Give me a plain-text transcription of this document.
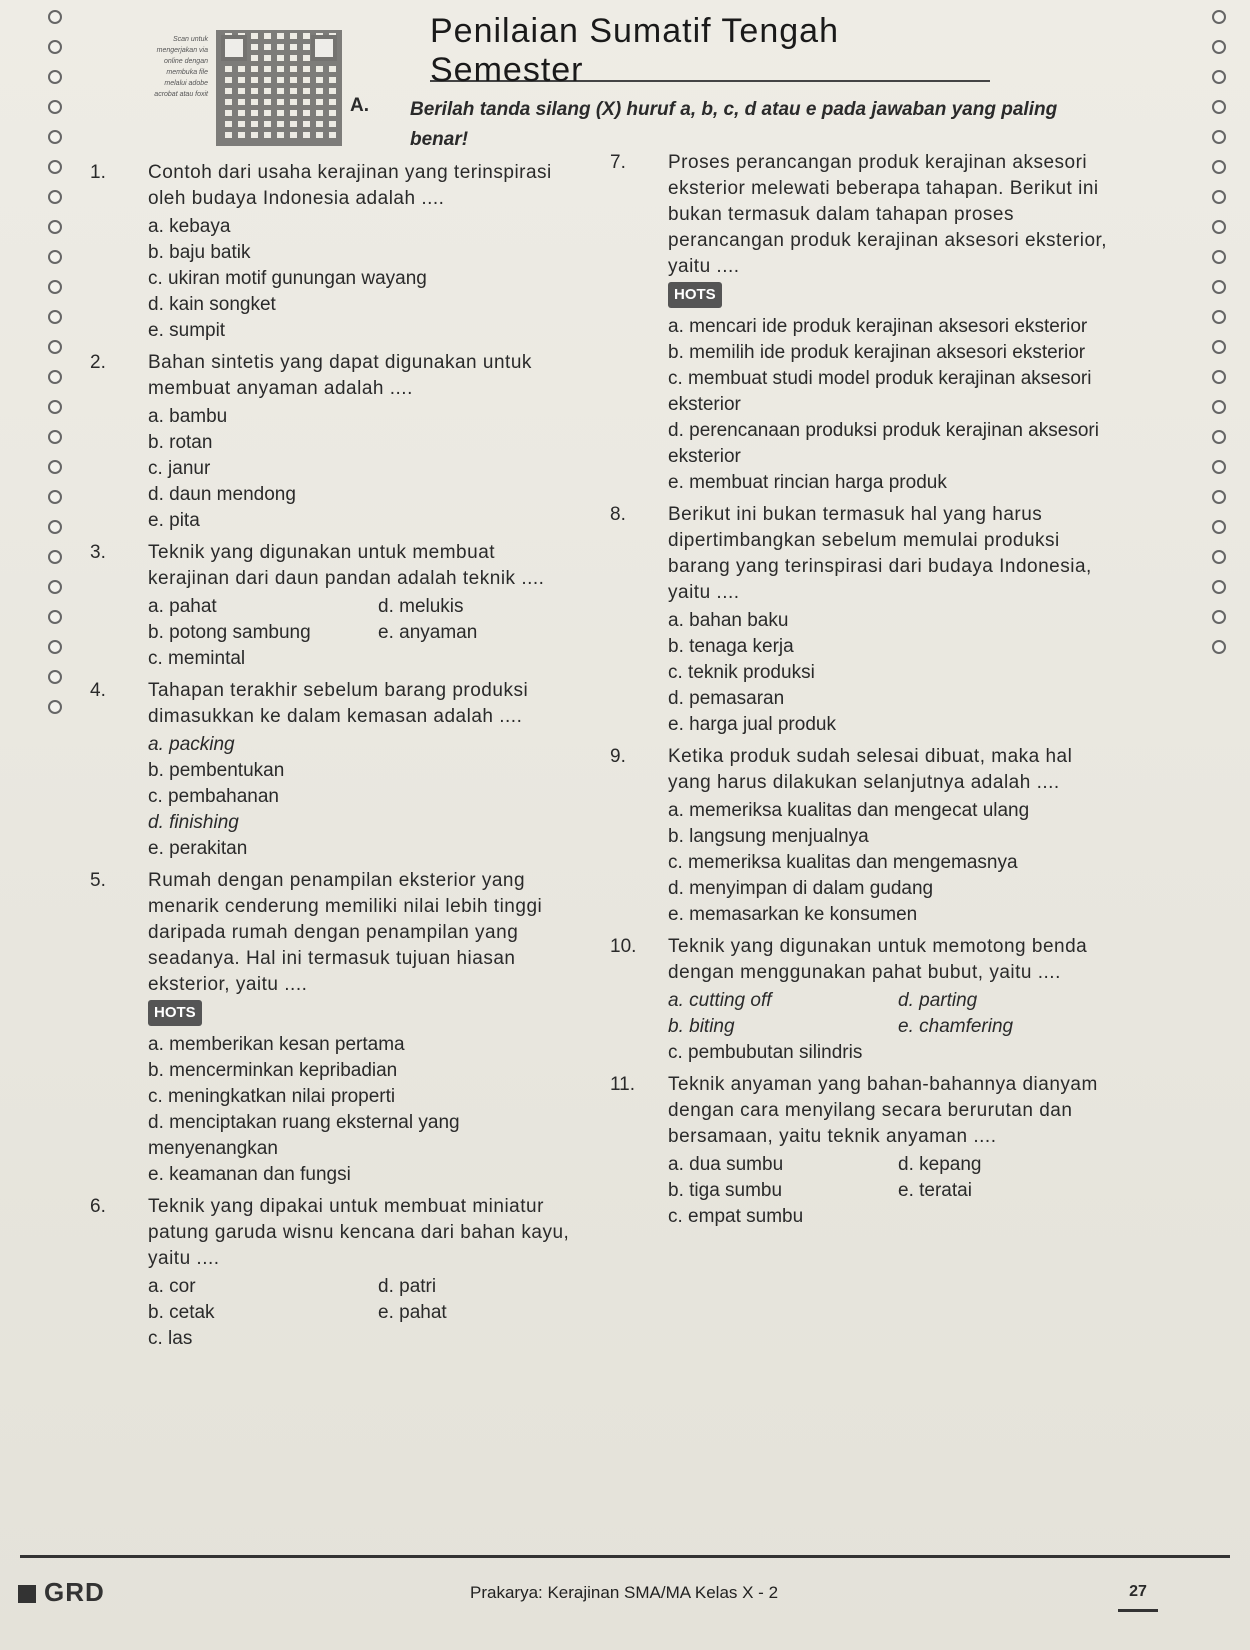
Scan untuk
mengerjakan via
online dengan
membuka file
melalui adobe
acrobat atau foxit
Penilaian Sumatif Tengah Semester
A. Berilah tanda silang (X) huruf a, b, c, d atau e pada jawaban yang paling benar!
1. Contoh dari usaha kerajinan yang terinspirasi oleh budaya Indonesia adalah ....
a. kebaya
b. baju batik
c. ukiran motif gunungan wayang
d. kain songket
e. sumpit
2. Bahan sintetis yang dapat digunakan untuk membuat anyaman adalah ....
a. bambu
b. rotan
c. janur
d. daun mendong
e. pita
3. Teknik yang digunakan untuk membuat kerajinan dari daun pandan adalah teknik ....
a. pahat	d. melukis
b. potong sambung	e. anyaman
c. memintal
4. Tahapan terakhir sebelum barang produksi dimasukkan ke dalam kemasan adalah ....
a. packing
b. pembentukan
c. pembahanan
d. finishing
e. perakitan
5. Rumah dengan penampilan eksterior yang menarik cenderung memiliki nilai lebih tinggi daripada rumah dengan penampilan yang seadanya. Hal ini termasuk tujuan hiasan eksterior, yaitu ....
HOTS
a. memberikan kesan pertama
b. mencerminkan kepribadian
c. meningkatkan nilai properti
d. menciptakan ruang eksternal yang menyenangkan
e. keamanan dan fungsi
6. Teknik yang dipakai untuk membuat miniatur patung garuda wisnu kencana dari bahan kayu, yaitu ....
a. cor	d. patri
b. cetak	e. pahat
c. las
7. Proses perancangan produk kerajinan aksesori eksterior melewati beberapa tahapan. Berikut ini bukan termasuk dalam tahapan proses perancangan produk kerajinan aksesori eksterior, yaitu ....
HOTS
a. mencari ide produk kerajinan aksesori eksterior
b. memilih ide produk kerajinan aksesori eksterior
c. membuat studi model produk kerajinan aksesori eksterior
d. perencanaan produksi produk kerajinan aksesori eksterior
e. membuat rincian harga produk
8. Berikut ini bukan termasuk hal yang harus dipertimbangkan sebelum memulai produksi barang yang terinspirasi dari budaya Indonesia, yaitu ....
a. bahan baku
b. tenaga kerja
c. teknik produksi
d. pemasaran
e. harga jual produk
9. Ketika produk sudah selesai dibuat, maka hal yang harus dilakukan selanjutnya adalah ....
a. memeriksa kualitas dan mengecat ulang
b. langsung menjualnya
c. memeriksa kualitas dan mengemasnya
d. menyimpan di dalam gudang
e. memasarkan ke konsumen
10. Teknik yang digunakan untuk memotong benda dengan menggunakan pahat bubut, yaitu ....
a. cutting off	d. parting
b. biting	e. chamfering
c. pembubutan silindris
11. Teknik anyaman yang bahan-bahannya dianyam dengan cara menyilang secara berurutan dan bersamaan, yaitu teknik anyaman ....
a. dua sumbu	d. kepang
b. tiga sumbu	e. teratai
c. empat sumbu
GRD	Prakarya: Kerajinan SMA/MA Kelas X - 2	27
